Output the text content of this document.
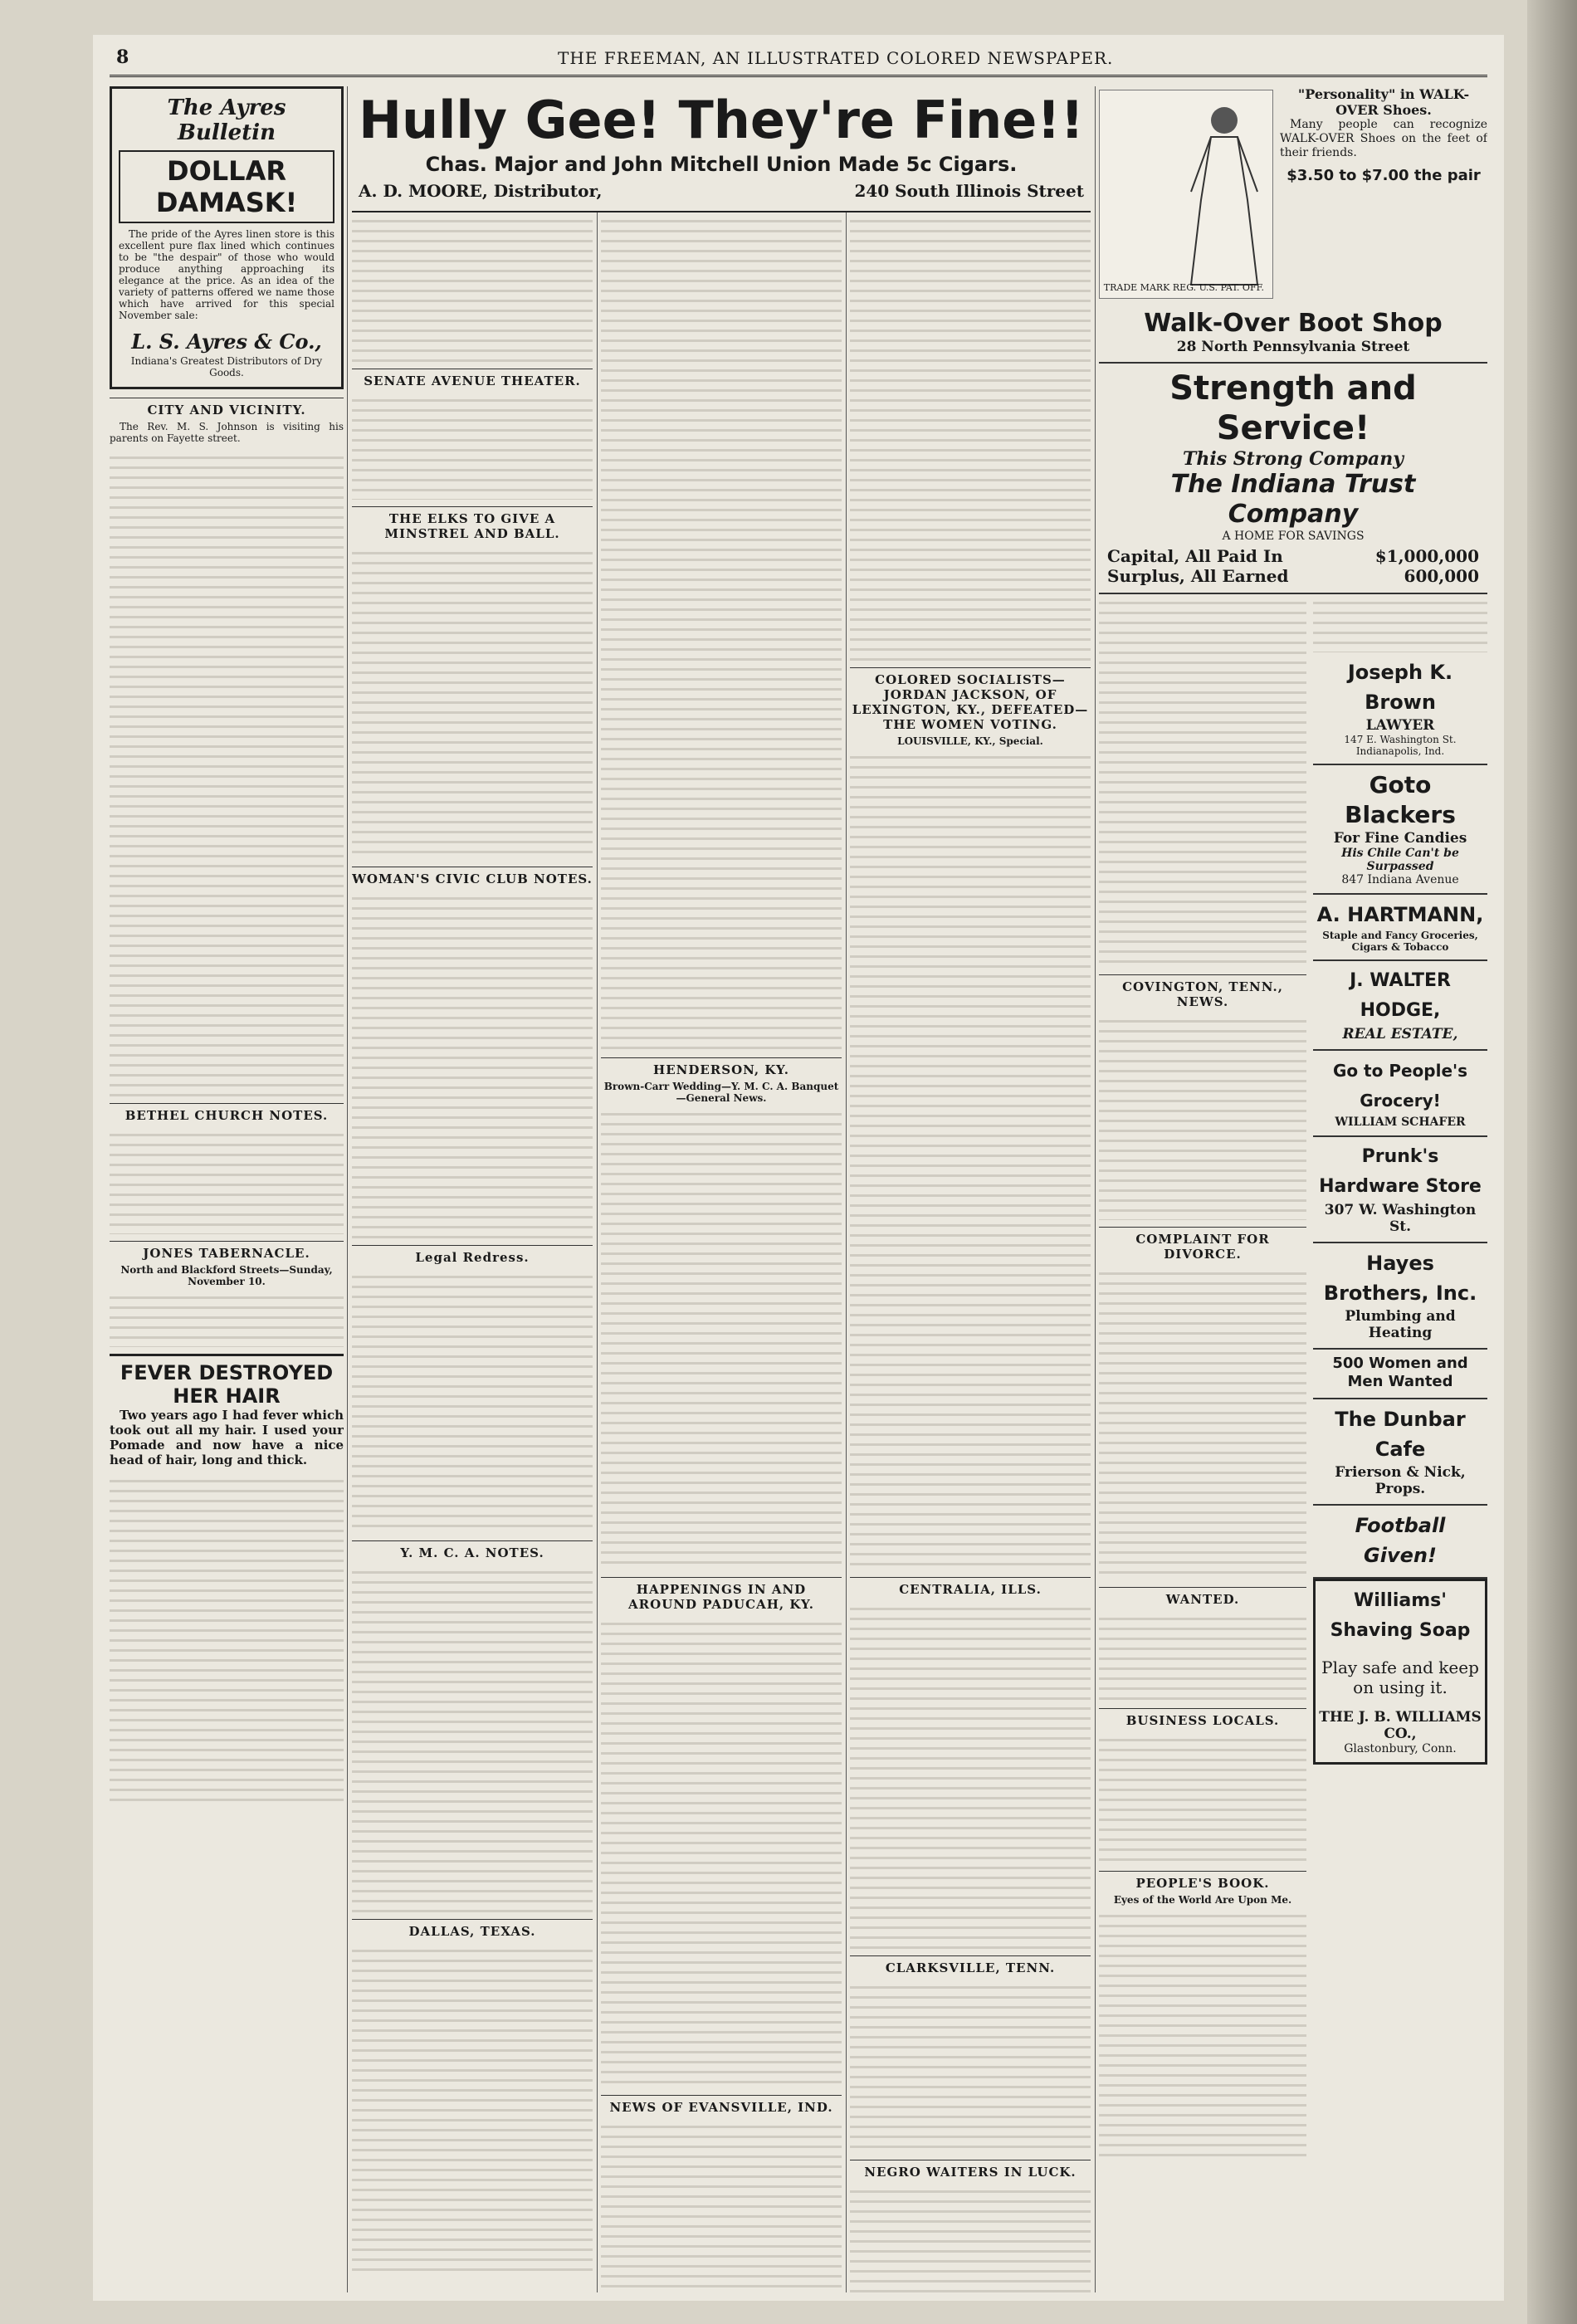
8	THE FREEMAN, AN ILLUSTRATED COLORED NEWSPAPER.
The Ayres Bulletin
DOLLAR DAMASK!

The pride of the Ayres linen store is this excellent pure flax lined which continues to be "the despair" of those who would produce anything approaching its elegance at the price. As an idea of the variety of patterns offered we name those which have arrived for this special November sale:

L. S. Ayres & Co.,
Indiana's Greatest Distributors of Dry Goods.
CITY AND VICINITY.

The Rev. M. S. Johnson is visiting his parents on Fayette street.

BETHEL CHURCH NOTES.
JONES TABERNACLE.
North and Blackford Streets—Sunday, November 10.
FEVER DESTROYED HER HAIR

Two years ago I had fever which took out all my hair. I used your Pomade and now have a nice head of hair, long and thick.

Hully Gee! They're Fine!!
Chas. Major and John Mitchell Union Made 5c Cigars.
A. D. MOORE, Distributor,	240 South Illinois Street
SENATE AVENUE THEATER.
THE ELKS TO GIVE A MINSTREL AND BALL.
WOMAN'S CIVIC CLUB NOTES.
Legal Redress.
Y. M. C. A. NOTES.
DALLAS, TEXAS.
HENDERSON, KY.
Brown-Carr Wedding—Y. M. C. A. Banquet—General News.
HAPPENINGS IN AND AROUND PADUCAH, KY.
NEWS OF EVANSVILLE, IND.
COLORED SOCIALISTS—JORDAN JACKSON, OF LEXINGTON, KY., DEFEATED—THE WOMEN VOTING.
LOUISVILLE, KY., Special.
CENTRALIA, ILLS.
CLARKSVILLE, TENN.
NEGRO WAITERS IN LUCK.
TRADE MARK REG. U.S. PAT. OFF.
"Personality" in WALK-OVER Shoes.

Many people can recognize WALK-OVER Shoes on the feet of their friends.

$3.50 to $7.00 the pair
Walk-Over Boot Shop
28 North Pennsylvania Street
Strength and Service!
This Strong Company
The Indiana Trust Company
A HOME FOR SAVINGS
Capital, All Paid In	$1,000,000
Surplus, All Earned	600,000
COVINGTON, TENN., NEWS.
COMPLAINT FOR DIVORCE.
WANTED.
BUSINESS LOCALS.
PEOPLE'S BOOK.
Eyes of the World Are Upon Me.
Joseph K. Brown
LAWYER
147 E. Washington St. Indianapolis, Ind.
Goto Blackers
For Fine Candies
His Chile Can't be Surpassed
847 Indiana Avenue
A. HARTMANN,
Staple and Fancy Groceries, Cigars & Tobacco
J. WALTER HODGE,
REAL ESTATE,
Go to People's Grocery!
WILLIAM SCHAFER
Prunk's Hardware Store
307 W. Washington St.
Hayes Brothers, Inc.
Plumbing and Heating
500 Women and Men Wanted
The Dunbar Cafe
Frierson & Nick, Props.
Football Given!
Williams' Shaving Soap
Play safe and keep on using it.
THE J. B. WILLIAMS CO.,
Glastonbury, Conn.
